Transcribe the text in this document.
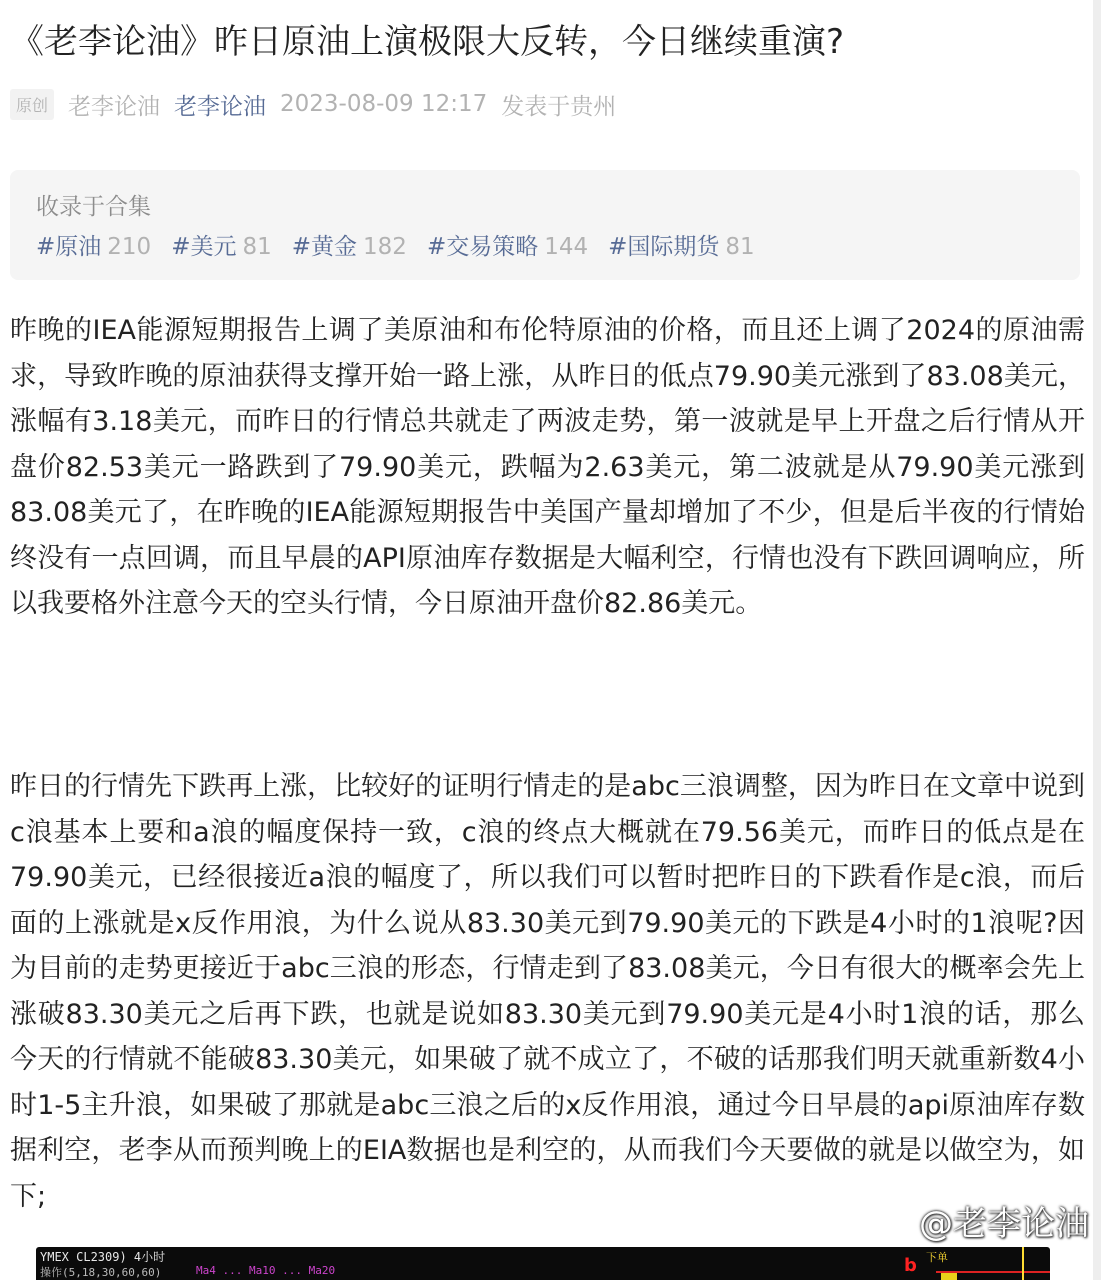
《老李论油》昨日原油上演极限大反转，今日继续重演?
原创 老李论油 老李论油 2023-08-09 12:17 发表于贵州
收录于合集
#原油 210 #美元 81 #黄金 182 #交易策略 144 #国际期货 81

昨晚的IEA能源短期报告上调了美原油和布伦特原油的价格，而且还上调了2024的原油需求，导致昨晚的原油获得支撑开始一路上涨，从昨日的低点79.90美元涨到了83.08美元，涨幅有3.18美元，而昨日的行情总共就走了两波走势，第一波就是早上开盘之后行情从开盘价82.53美元一路跌到了79.90美元，跌幅为2.63美元，第二波就是从79.90美元涨到83.08美元了，在昨晚的IEA能源短期报告中美国产量却增加了不少，但是后半夜的行情始终没有一点回调，而且早晨的API原油库存数据是大幅利空，行情也没有下跌回调响应，所以我要格外注意今天的空头行情，今日原油开盘价82.86美元。

昨日的行情先下跌再上涨，比较好的证明行情走的是abc三浪调整，因为昨日在文章中说到c浪基本上要和a浪的幅度保持一致，c浪的终点大概就在79.56美元，而昨日的低点是在79.90美元，已经很接近a浪的幅度了，所以我们可以暂时把昨日的下跌看作是c浪，而后面的上涨就是x反作用浪，为什么说从83.30美元到79.90美元的下跌是4小时的1浪呢?因为目前的走势更接近于abc三浪的形态，行情走到了83.08美元，今日有很大的概率会先上涨破83.30美元之后再下跌，也就是说如83.30美元到79.90美元是4小时1浪的话，那么今天的行情就不能破83.30美元，如果破了就不成立了，不破的话那我们明天就重新数4小时1-5主升浪，如果破了那就是abc三浪之后的x反作用浪，通过今日早晨的api原油库存数据利空，老李从而预判晚上的EIA数据也是利空的，从而我们今天要做的就是以做空为，如下;

@老李论油
YMEX CL2309) 4小时
操作(5,18,30,60,60)	Ma4 ... Ma10 ... Ma20	b 下单
